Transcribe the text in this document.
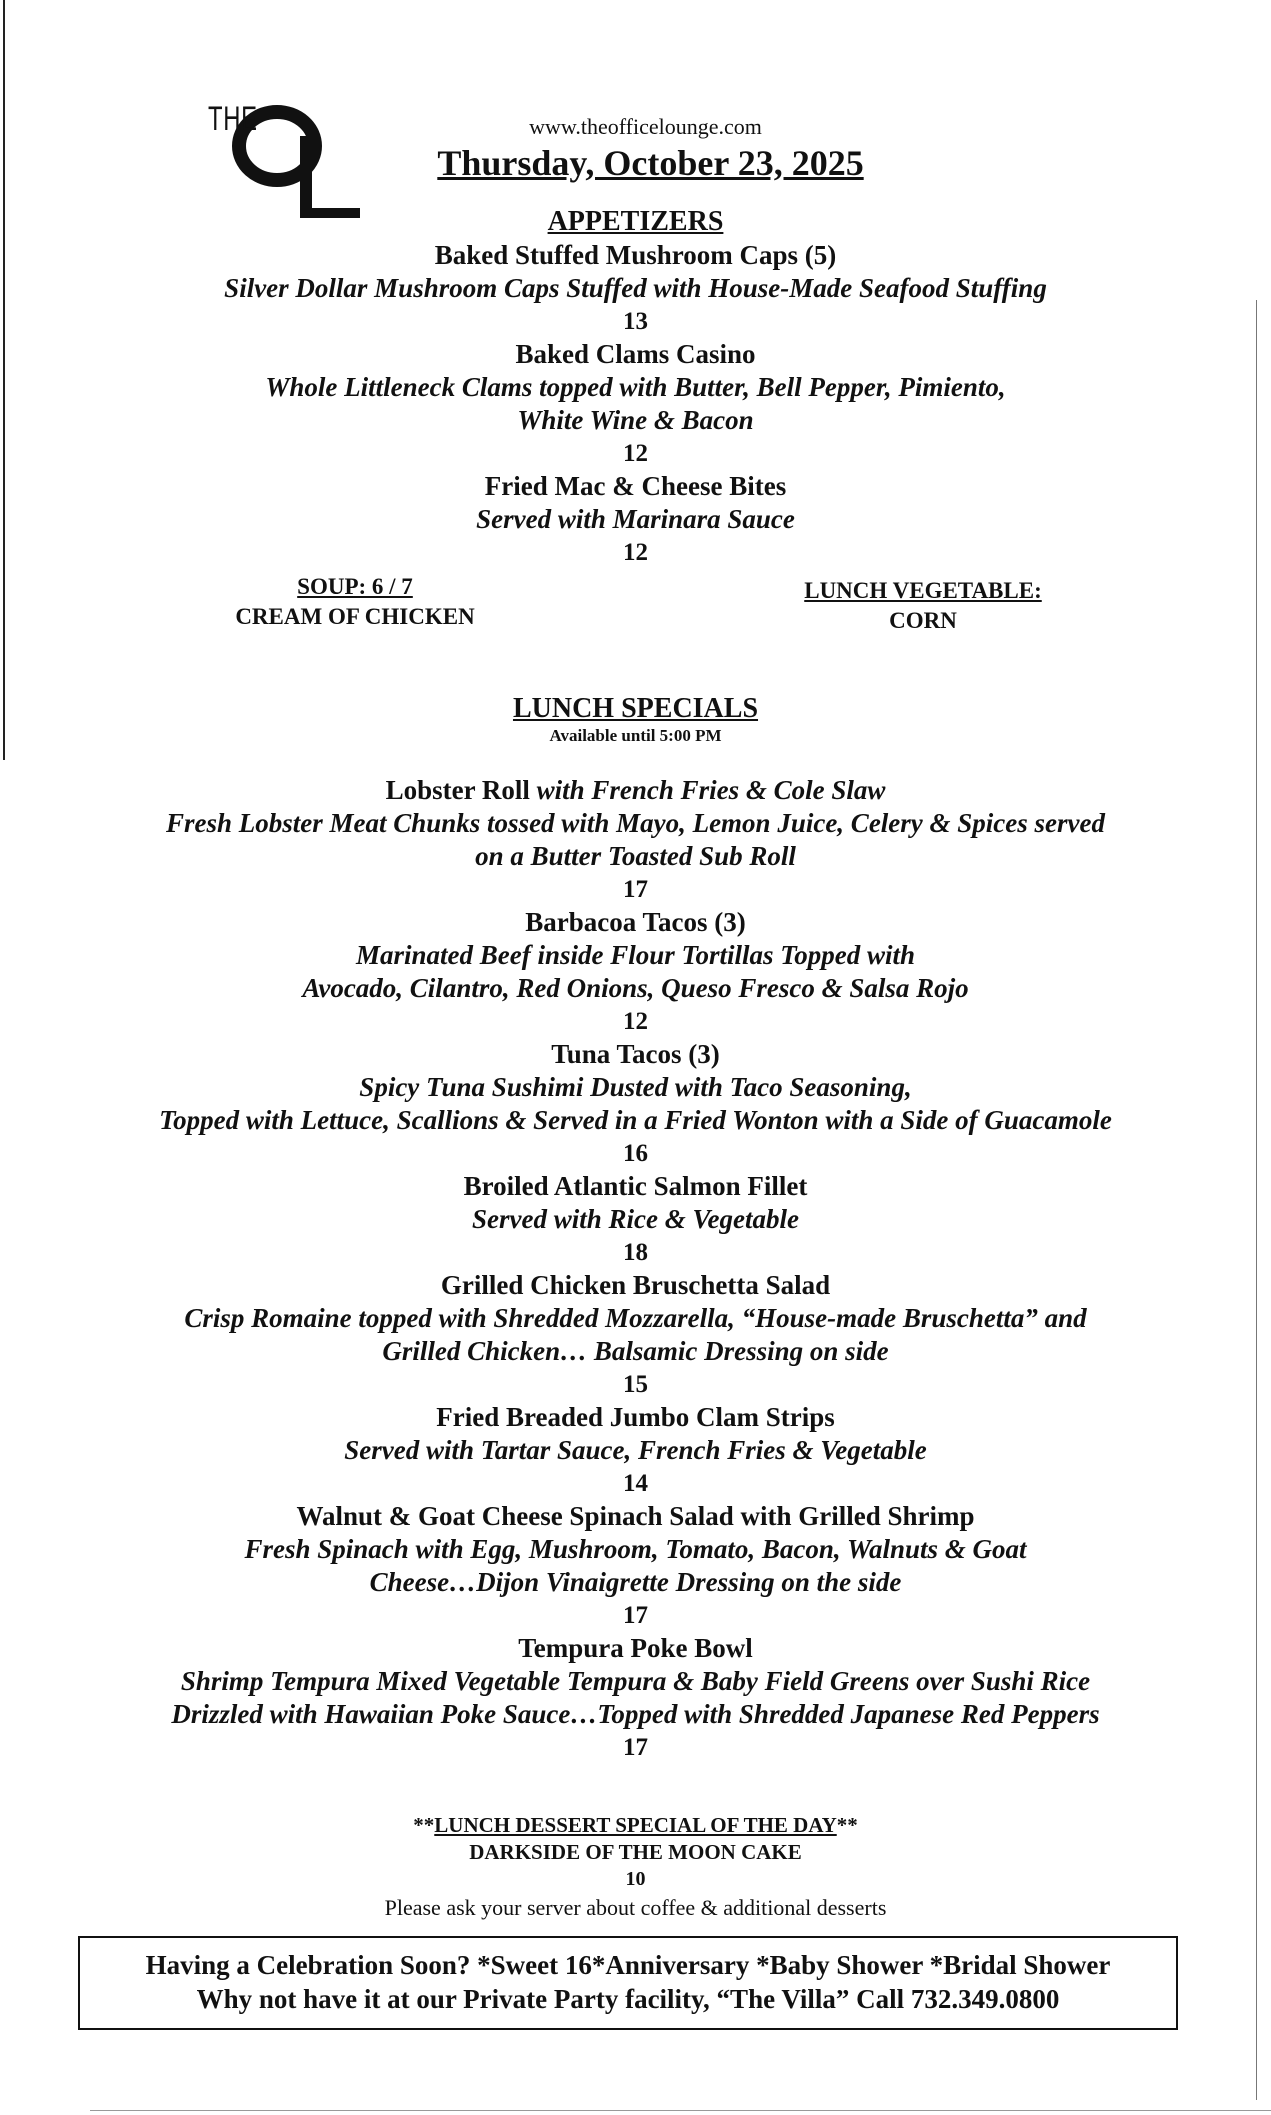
THE	www.theofficelounge.com
Thursday, October 23, 2025
APPETIZERS
Baked Stuffed Mushroom Caps (5)
Silver Dollar Mushroom Caps Stuffed with House-Made Seafood Stuffing
13
Baked Clams Casino
Whole Littleneck Clams topped with Butter, Bell Pepper, Pimiento,
White Wine & Bacon
12
Fried Mac & Cheese Bites
Served with Marinara Sauce
12
SOUP: 6 / 7
CREAM OF CHICKEN
LUNCH VEGETABLE:
CORN
LUNCH SPECIALS
Available until 5:00 PM
Lobster Roll with French Fries & Cole Slaw
Fresh Lobster Meat Chunks tossed with Mayo, Lemon Juice, Celery & Spices served
on a Butter Toasted Sub Roll
17
Barbacoa Tacos (3)
Marinated Beef inside Flour Tortillas Topped with
Avocado, Cilantro, Red Onions, Queso Fresco & Salsa Rojo
12
Tuna Tacos (3)
Spicy Tuna Sushimi Dusted with Taco Seasoning,
Topped with Lettuce, Scallions & Served in a Fried Wonton with a Side of Guacamole
16
Broiled Atlantic Salmon Fillet
Served with Rice & Vegetable
18
Grilled Chicken Bruschetta Salad
Crisp Romaine topped with Shredded Mozzarella, “House-made Bruschetta” and
Grilled Chicken… Balsamic Dressing on side
15
Fried Breaded Jumbo Clam Strips
Served with Tartar Sauce, French Fries & Vegetable
14
Walnut & Goat Cheese Spinach Salad with Grilled Shrimp
Fresh Spinach with Egg, Mushroom, Tomato, Bacon, Walnuts & Goat
Cheese…Dijon Vinaigrette Dressing on the side
17
Tempura Poke Bowl
Shrimp Tempura Mixed Vegetable Tempura & Baby Field Greens over Sushi Rice
Drizzled with Hawaiian Poke Sauce…Topped with Shredded Japanese Red Peppers
17
**LUNCH DESSERT SPECIAL OF THE DAY**
DARKSIDE OF THE MOON CAKE
10
Please ask your server about coffee & additional desserts
Having a Celebration Soon? *Sweet 16*Anniversary *Baby Shower *Bridal Shower
Why not have it at our Private Party facility, “The Villa” Call 732.349.0800
